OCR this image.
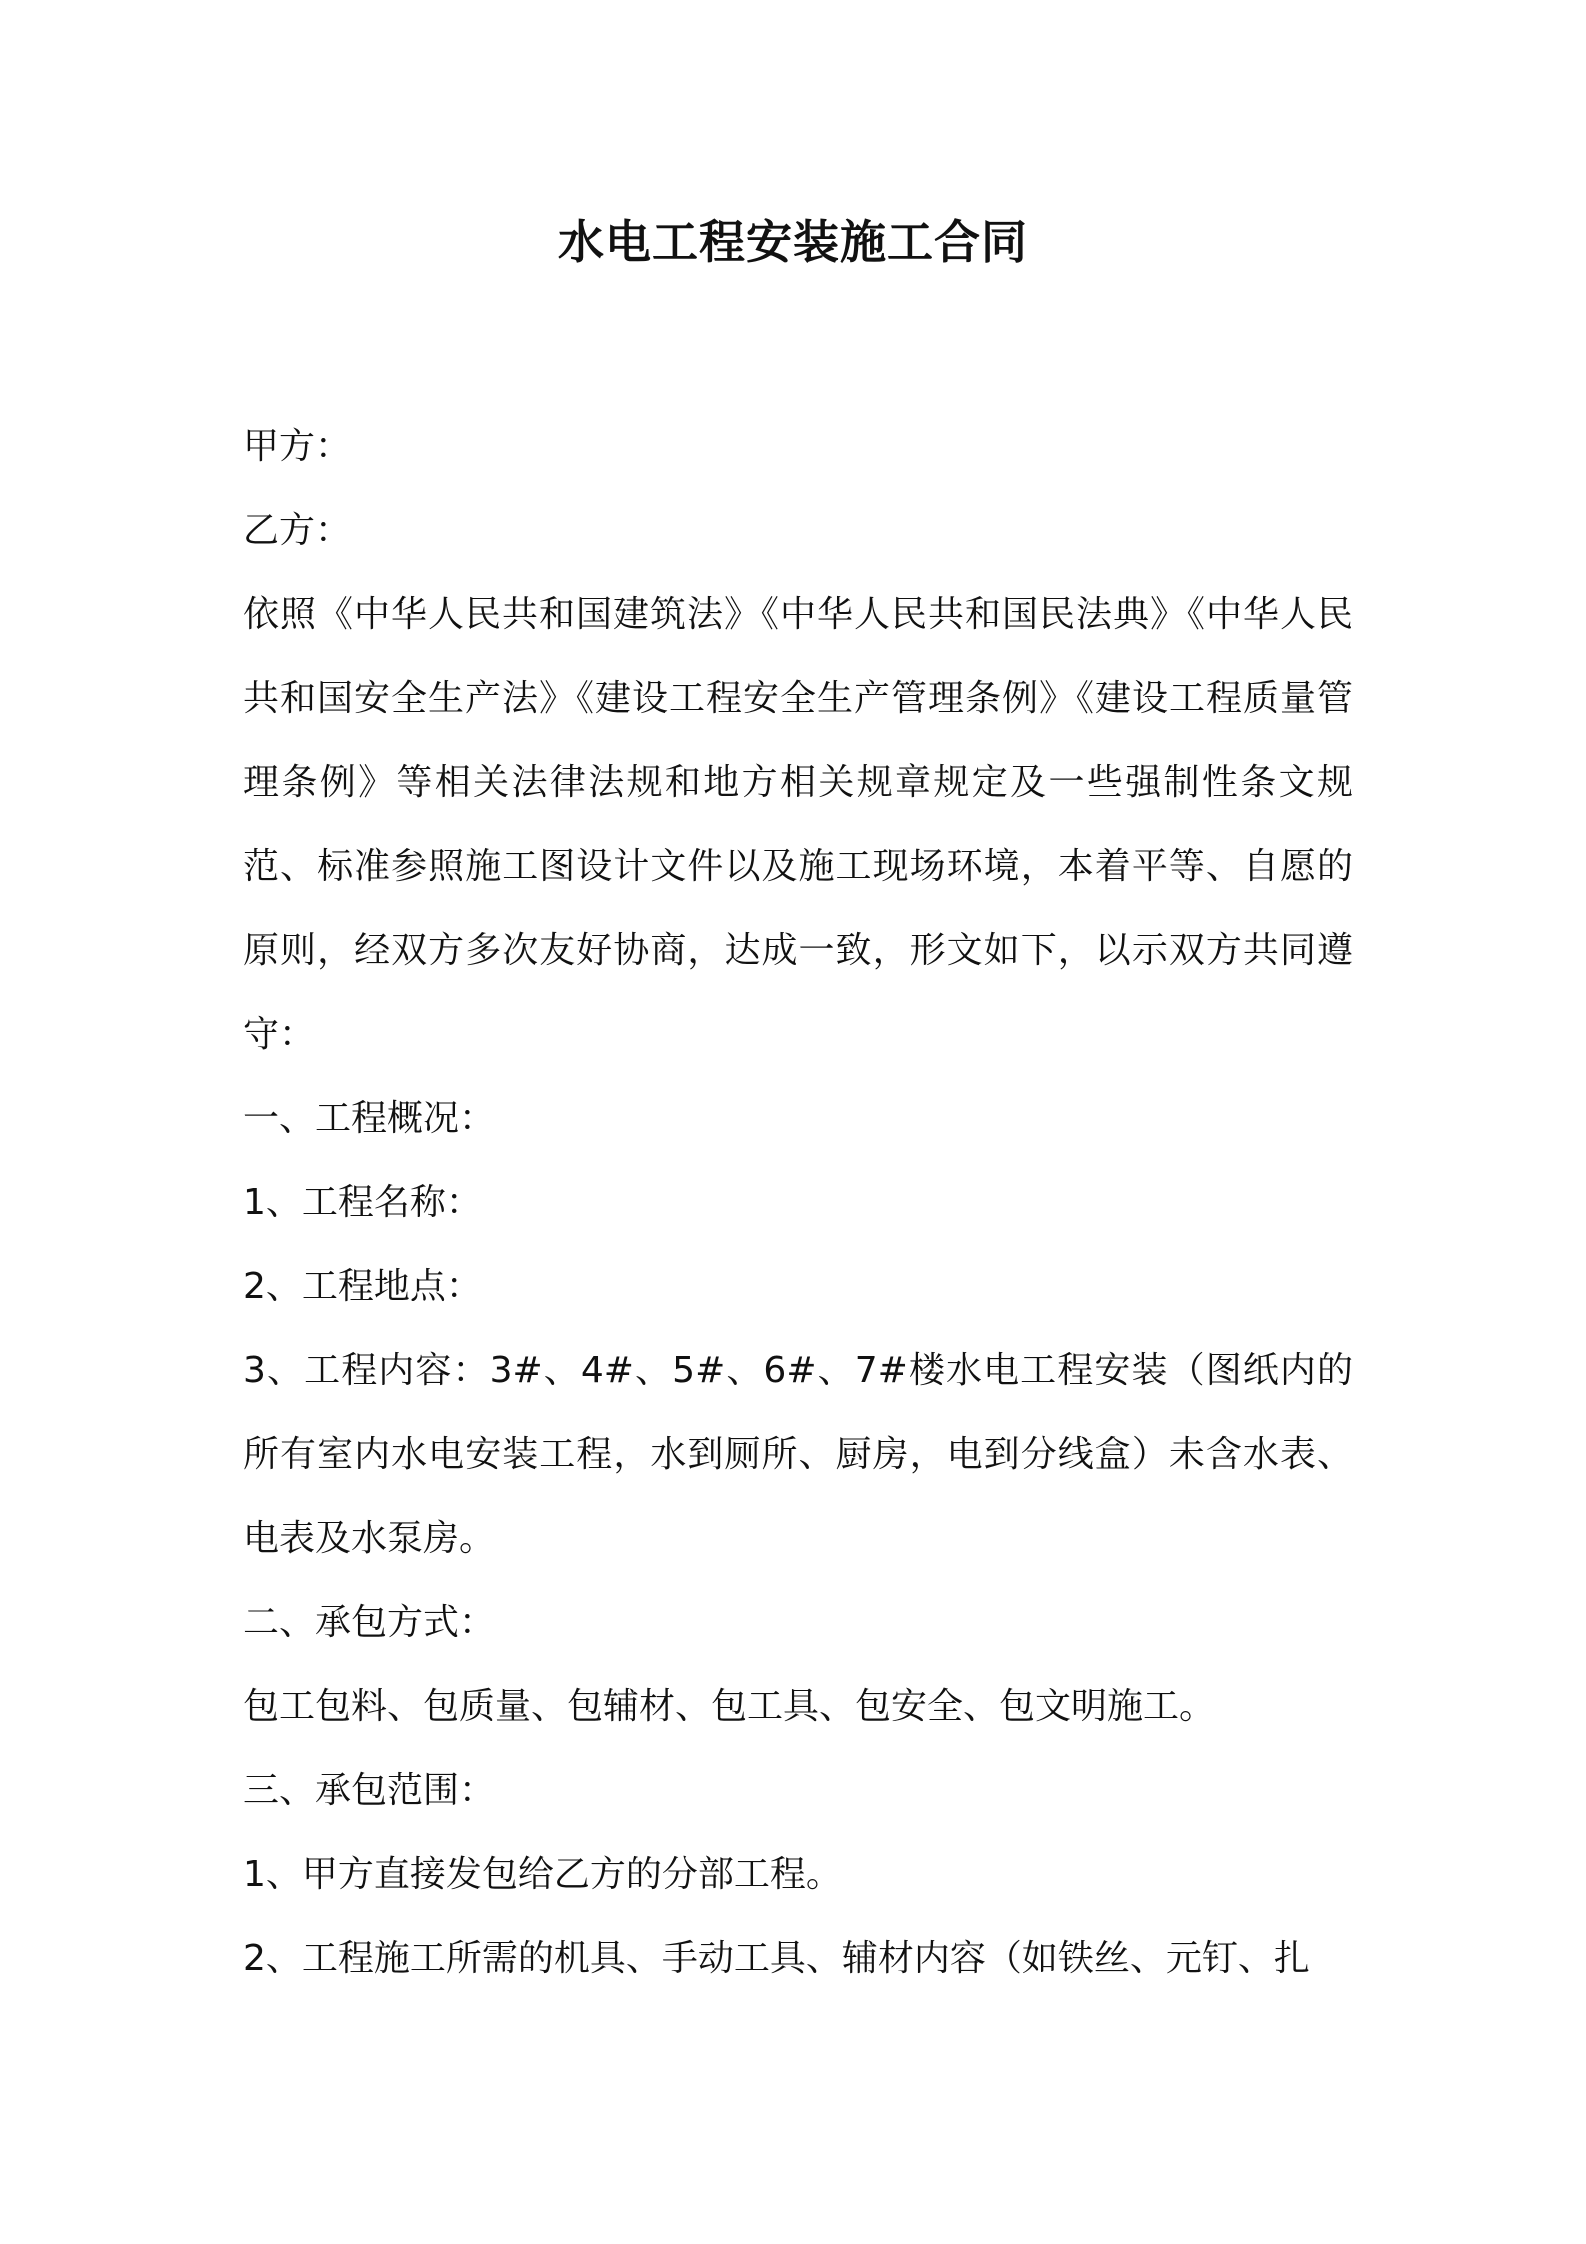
水电工程安装施工合同

甲方：

乙方：

依照《中华人民共和国建筑法》《中华人民共和国民法典》《中华人民共和国安全生产法》《建设工程安全生产管理条例》《建设工程质量管理条例》等相关法律法规和地方相关规章规定及一些强制性条文规范、标准参照施工图设计文件以及施工现场环境，本着平等、自愿的原则，经双方多次友好协商，达成一致，形文如下，以示双方共同遵守：

一、工程概况：

1、工程名称：

2、工程地点：

3、工程内容：3#、4#、5#、6#、7#楼水电工程安装（图纸内的所有室内水电安装工程，水到厕所、厨房，电到分线盒）未含水表、电表及水泵房。

二、承包方式：

包工包料、包质量、包辅材、包工具、包安全、包文明施工。

三、承包范围：

1、甲方直接发包给乙方的分部工程。

2、工程施工所需的机具、手动工具、辅材内容（如铁丝、元钉、扎
